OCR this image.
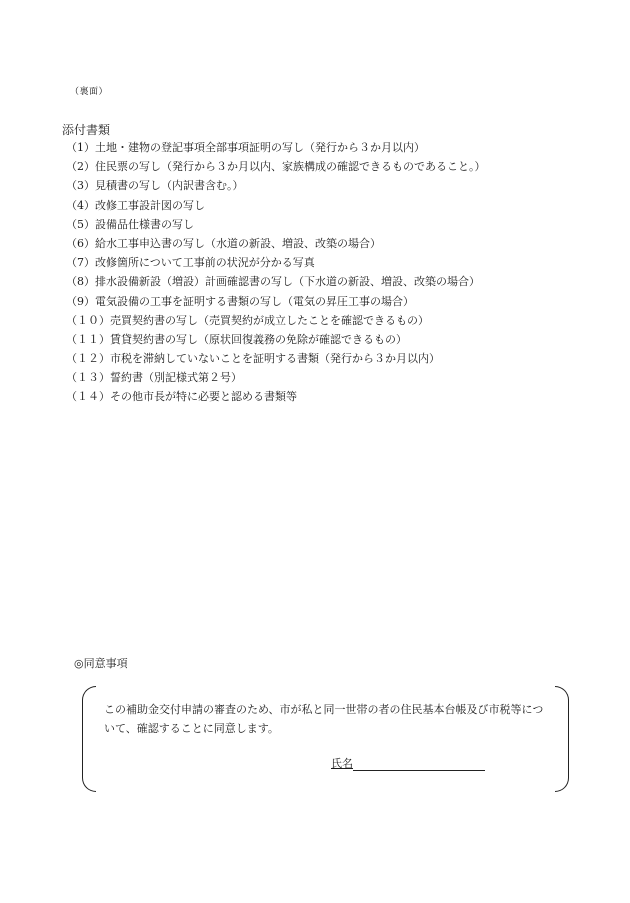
（裏面）
添付書類
（1）土地・建物の登記事項全部事項証明の写し（発行から３か月以内）
（2）住民票の写し（発行から３か月以内、家族構成の確認できるものであること。）
（3）見積書の写し（内訳書含む。）
（4）改修工事設計図の写し
（5）設備品仕様書の写し
（6）給水工事申込書の写し（水道の新設、増設、改築の場合）
（7）改修箇所について工事前の状況が分かる写真
（8）排水設備新設（増設）計画確認書の写し（下水道の新設、増設、改築の場合）
（9）電気設備の工事を証明する書類の写し（電気の昇圧工事の場合）
（１０）売買契約書の写し（売買契約が成立したことを確認できるもの）
（１１）賃貸契約書の写し（原状回復義務の免除が確認できるもの）
（１２）市税を滞納していないことを証明する書類（発行から３か月以内）
（１３）誓約書（別記様式第２号）
（１４）その他市長が特に必要と認める書類等
◎同意事項
この補助金交付申請の審査のため、市が私と同一世帯の者の住民基本台帳及び市税等について、確認することに同意します。
氏名
